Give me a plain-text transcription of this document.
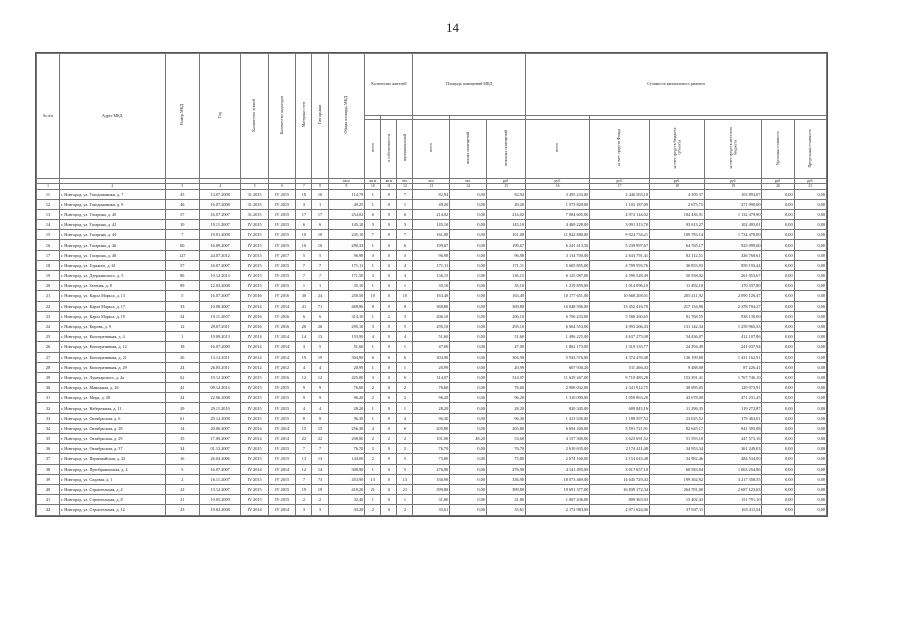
14
№ п/п	Адрес МКД	Номер МКД	Год	Количество этажей	Количество подъездов	Материал стен	Тип крыши	Общая площадь МКД	Количество жителей			Площадь помещений МКД			Стоимость капитального ремонта					

									всего	в собственности	муниципальной	всего	жилых помещений	нежилых помещений	всего	за счет средств Фонда	за счет средств бюджета субъекта	за счет средств местного бюджета	Удельная стоимость	Предельная стоимость
								кв.м	кв.м	кв.м	чел.	чел.	чел.	руб.	руб.	руб.	руб.	руб.	руб.	руб.
1	2	3	4	5	6	7	8	9	10	11	12	13	14	15	16	17	18	19	20	21
11	г. Новгород, ул. Газодинамики, д. 7	45	13.07.2008	31.2015	IV 2015	18	16	114,79	1	0	7	82,94	0,00	82,94	3 495 233,00	2 446 563,10	4 109 37	103 893,07	0,00	0,00
12	г. Новгород, ул. Газодинамики, д. 9	46	16.07.2008	31.2015	IV 2015	3	1	49,25	1	0	1	49,20	0,00	49,20	1 575 820,00	1 103 187,00	2 675,75	271 990,00	0,00	0,00
13	г. Новгород, ул. Гагарина, д. 40	57	16.07.2007	31.2015	IV 2015	17	17	254,02	6	0	6	214,02	0,00	214,02	7 084 605,00	4 972 144,02	184 436,91	1 132 479,90	0,00	0,00
14	г. Новгород, ул. Гагарина, д. 42	10	19.11.2007	IV 2015	IV 2015	6	6	145,10	3	0	3	145,10	0,00	145,10	4 469 228,00	3 091 313,70	93 613,27	102 495,01	0,00	0,00
15	г. Новгород, ул. Гагарина, д. 44	7	19.01.2008	IV 2015	IV 2015	10	10	245,10	7	0	7	161,00	0,00	161,00	11 842 880,00	9 924 734,21	109 783,14	1 734 478,00	0,00	0,00
16	г. Новгород, ул. Гагарина, д. 46	60	16.09.2007	IV 2015	IV 2015	10	10	290,33	1	0	6	199,67	0,00	199,67	6 241 413,50	5 239 997,67	64 765,17	925 099,00	0,00	0,00
17	г. Новгород, ул. Гагарина, д. 48	127	24.07.2012	IV 2015	IV 2017	5	5	96,98	3	0	3	96,98	0,00	96,98	3 134 700,00	2 633 791,41	82 112,51	436 768,61	0,00	0,00
18	г. Новгород, ул. Горького, д. 61	57	16.07.2007	IV 2015	IV 2015	7	7	171,11	1	0	4	171,11	0,00	171,11	5 605 855,00	4 709 593,76	36 853,93	859 193,44	0,00	0,00
19	г. Новгород, ул. Дзержинского, д. 5	86	19.12.2013	IV 2015	IV 2015	7	7	171,50	3	0	4	136,15	0,00	136,15	6 125 087,00	4 590 528,49	50 938,02	261 053,67	0,00	0,00
20	г. Новгород, ул. Зеленая, д. 8	89	12.03.2008	IV 2015	IV 2015	1	1	35,10	1	0	1	35,10	0,00	35,10	1 219 859,00	1 014 096,10	11 492,10	170 337,80	0,00	0,00
21	г. Новгород, ул. Карла Маркса, д. 13	5	16.07.2007	IV 2016	IV 2016	30	24	250,50	10	0	10	163,40	0,00	163,40	10 177 651,00	10 668 208,01	205 411,92	2 090 126,47	0,00	0,00
22	г. Новгород, ул. Карла Маркса, д. 17	33	10.08.2007	IV 2014	IV 2014	41	71	469,96	8	0	8	369,80	0,00	369,80	16 048 596,00	13 452 416,78	217 134,96	2 378 794,27	0,00	0,00
23	г. Новгород, ул. Карла Маркса, д. 19	34	19.11.2007	IV 2016	IV 2016	6	6	314,10	1	2	3	206,10	0,00	206,10	6 706 233,00	5 586 260,65	81 768,55	938 139,00	0,00	0,00
24	г. Новгород, ул. Кирова, д. 9	12	29.07.2011	IV 2016	IV 2016	26	26	295,10	3	0	5	295,10	0,00	295,10	6 664 553,00	4 993 266,43	131 142,34	1 259 965,33	0,00	0,00
25	г. Новгород, ул. Кооперативная, д. 4	1	19.09.2013	IV 2014	IV 2014	14	13	153,90	4	0	4	51,60	0,00	51,60	1 496 225,00	4 637 275,08	54 436,07	412 107,86	0,00	0,00
26	г. Новгород, ул. Кооперативная, д. 12	18	16.07.2009	IV 2014	IV 2014	3	5	51,60	1	0	1	47,00	0,00	47,00	1 862 173,00	1 319 135,77	24 294,49	241 037,94	0,00	0,00
27	г. Новгород, ул. Кооперативная, д. 21	26	13.12.2011	IV 2014	IV 2014	19	19	304,90	6	0	6	304,90	0,00	304,90	5 943 576,00	4 374 459,48	136 199,80	1 431 162,91	0,00	0,00
28	г. Новгород, ул. Кооперативная, д. 29	24	26.05.2011	IV 2012	IV 2012	4	4	20,99	1	0	1	20,99	0,00	20,99	607 930,20	511 266,43	9 488,00	87 226,41	0,00	0,00
29	г. Новгород, ул. Луначарского, д. 4а	62	19.12.2007	IV 2015	IV 2016	12	12	425,80	3	0	6	314,07	0,00	314,07	11 629 267,00	9 710 483,28	153 291,41	1 767 746,10	0,00	0,00
30	г. Новгород, ул. Манежная, д. 26	41	09.12.2013	IV 2015	IV 2015	9	9	76,60	2	0	2	76,60	0,00	76,60	2 906 032,00	2 341 912,75	30 695,05	129 073,91	0,00	0,00
31	г. Новгород, ул. Мира, д. 28	24	22.06.2008	IV 2015	IV 2015	9	9	96,20	2	0	2	96,20	0,00	96,20	1 310 090,00	1 059 863,20	43 678,00	471 231,45	0,00	0,00
32	г. Новгород, ул. Набережная, д. 11	29	29.11.2010	IV 2015	IV 2015	4	4	28,20	1	0	1	28,20	0,00	28,20	820 345,00	689 845,16	11 296,35	119 272,87	0,00	0,00
33	г. Новгород, ул. Октябрьская, д. 6	61	29.12.2008	IV 2015	IV 2015	8	8	96,30	1	0	4	96,30	0,00	96,30	1 413 630,00	1 188 597,52	23 025,52	179 463,01	0,00	0,00
34	г. Новгород, ул. Октябрьская, д. 18	14	20.06.2007	IV 2014	IV 2014	15	15	256,30	4	0	6	205,80	0,00	205,80	6 694 200,00	5 591 721,91	82 645,17	841 395,08	0,00	0,00
35	г. Новгород, ул. Октябрьская, д. 29	35	17.09.2007	IV 2014	IV 2014	22	22	208,80	2	2	2	101,80	48,20	53,60	4 157 300,00	3 623 691,52	51 593,10	447 573,16	0,00	0,00
36	г. Новгород, ул. Октябрьская, д. 37	34	01.12.2007	IV 2015	IV 2015	7	7	76,70	2	0	2	76,70	0,00	76,70	2 610 635,00	2 174 411,48	34 953,34	361 249,03	0,00	0,00
37	г. Новгород, ул. Первомайская, д. 22	16	26.04.2006	IV 2015	IV 2015	13	13	144,00	2	0	5	75,80	0,00	75,80	2 674 160,00	2 154 643,48	34 982,46	484 534,00	0,00	0,00
38	г. Новгород, ул. Преображенская, д. 4	5	16.07.2007	IV 2014	IV 2014	14	14	308,90	1	0	5	276,90	0,00	276,90	4 141 495,00	3 017 657,10	60 583,04	1 063 254,86	0,00	0,00
39	г. Новгород, ул. Садовая, д. 1	2	16.11.2007	IV 2015	IV 2015	7	73	453,90	13	0	13	336,90	0,00	336,90	18 073 469,00	14 645 729,43	199 362,92	3 217 358,55	0,00	0,00
40	г. Новгород, ул. Строительная, д. 4	22	13.12.2007	IV 2015	IV 2015	19	19	418,20	21	0	21	399,80	0,00	399,80	19 691 377,00	16 839 172,34	264 781,00	2 687 123,63	0,00	0,00
41	г. Новгород, ул. Строительная, д. 8	21	19.05.2009	IV 2015	IV 2015	2	2	32,40	1	0	1	31,80	0,00	31,80	1 067 436,00	899 365,93	15 402,43	151 791,10	0,00	0,00
42	г. Новгород, ул. Строительная, д. 12	23	19.02.2008	IV 2014	IV 2014	3	3	43,20	2	0	2	35,61	0,00	35,61	2 172 983,00	2 071 624,06	37 947,11	165 411,54	0,00	0,00
